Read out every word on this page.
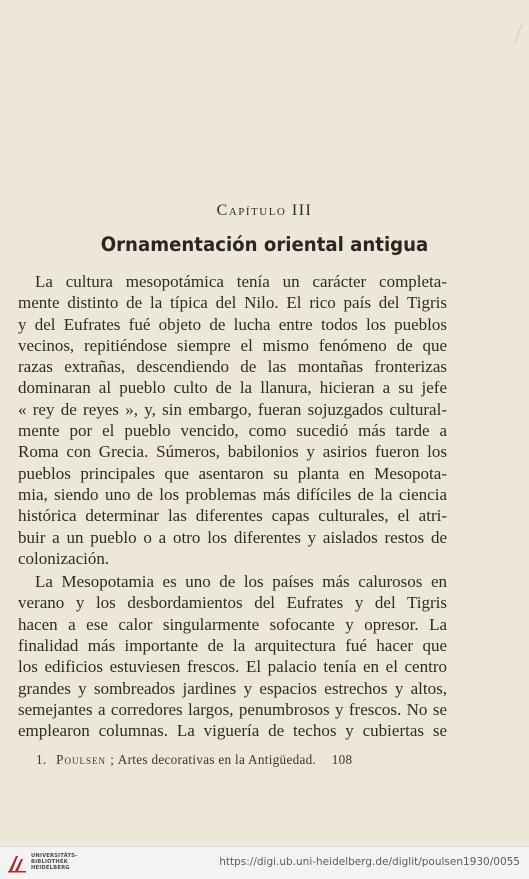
Capítulo III
Ornamentación oriental antigua
La cultura mesopotámica tenía un carácter completa-
mente distinto de la típica del Nilo. El rico país del Tigris
y del Eufrates fué objeto de lucha entre todos los pueblos
vecinos, repitiéndose siempre el mismo fenómeno de que
razas extrañas, descendiendo de las montañas fronterizas
dominaran al pueblo culto de la llanura, hicieran a su jefe
« rey de reyes », y, sin embargo, fueran sojuzgados cultural-
mente por el pueblo vencido, como sucedió más tarde a
Roma con Grecia. Súmeros, babilonios y asirios fueron los
pueblos principales que asentaron su planta en Mesopota-
mia, siendo uno de los problemas más difíciles de la ciencia
histórica determinar las diferentes capas culturales, el atri-
buir a un pueblo o a otro los diferentes y aislados restos de
colonización.
La Mesopotamia es uno de los países más calurosos en
verano y los desbordamientos del Eufrates y del Tigris
hacen a ese calor singularmente sofocante y opresor. La
finalidad más importante de la arquitectura fué hacer que
los edificios estuviesen frescos. El palacio tenía en el centro
grandes y sombreados jardines y espacios estrechos y altos,
semejantes a corredores largos, penumbrosos y frescos. No se
emplearon columnas. La viguería de techos y cubiertas se
1. Poulsen ; Artes decorativas en la Antigüedad. 108
UNIVERSITÄTS-
BIBLIOTHEK
HEIDELBERG	https://digi.ub.uni-heidelberg.de/diglit/poulsen1930/0055
